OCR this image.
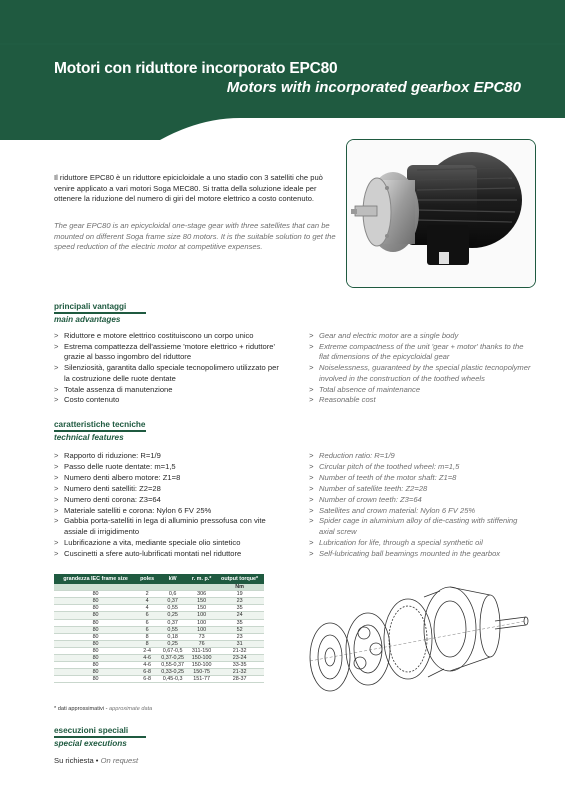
Motori con riduttore incorporato EPC80
Motors with incorporated gearbox EPC80
Il riduttore EPC80 è un riduttore epicicloidale a uno stadio con 3 satelliti che può venire applicato a vari motori Soga MEC80. Si tratta della soluzione ideale per ottenere la riduzione del numero di giri del motore elettrico a costo contenuto.
The gear EPC80 is an epicycloidal one-stage gear with three satellites that can be mounted on different Soga frame size 80 motors. It is the suitable solution to get the speed reduction of the electric motor at competitive expenses.
principali vantaggi
main advantages
> Riduttore e motore elettrico costituiscono un corpo unico
> Estrema compattezza dell'assieme 'motore elettrico + riduttore' grazie al basso ingombro del riduttore
> Silenziosità, garantita dallo speciale tecnopolimero utilizzato per la costruzione delle ruote dentate
> Totale assenza di manutenzione
> Costo contenuto
> Gear and electric motor are a single body
> Extreme compactness of the unit 'gear + motor' thanks to the flat dimensions of the epicycloidal gear
> Noiselessness, guaranteed by the special plastic tecnopolymer involved in the construction of the toothed wheels
> Total absence of maintenance
> Reasonable cost
caratteristiche tecniche
technical features
> Rapporto di riduzione: R=1/9
> Passo delle ruote dentate: m=1,5
> Numero denti albero motore: Z1=8
> Numero denti satelliti: Z2=28
> Numero denti corona: Z3=64
> Materiale satelliti e corona: Nylon 6 FV 25%
> Gabbia porta-satelliti in lega di alluminio pressofusa con vite assiale di irrigidimento
> Lubrificazione a vita, mediante speciale olio sintetico
> Cuscinetti a sfere auto-lubrificati montati nel riduttore
> Reduction ratio: R=1/9
> Circular pitch of the toothed wheel: m=1,5
> Number of teeth of the motor shaft: Z1=8
> Number of satellite teeth: Z2=28
> Number of crown teeth: Z3=64
> Satellites and crown material: Nylon 6 FV 25%
> Spider cage in aluminium alloy of die-casting with stiffening axial screw
> Lubrication for life, through a special synthetic oil
> Self-lubricating ball beamings mounted in the gearbox
grandezza IEC frame size	poles	kW	r. m. p.*	output torque*
				Nm
80	2	0,6	306	19
80	4	0,37	150	23
80	4	0,55	150	35
80	6	0,25	100	24
80	6	0,37	100	35
80	6	0,55	100	52
80	8	0,18	73	23
80	8	0,25	76	31
80	2-4	0,67-0,5	311-150	21-32
80	4-6	0,37-0,25	150-100	23-24
80	4-6	0,55-0,37	150-100	33-35
80	6-8	0,33-0,25	150-75	21-32
80	6-8	0,45-0,3	151-77	28-37
* dati approssimativi - approximate data
esecuzioni speciali
special executions
Su richiesta • On request
